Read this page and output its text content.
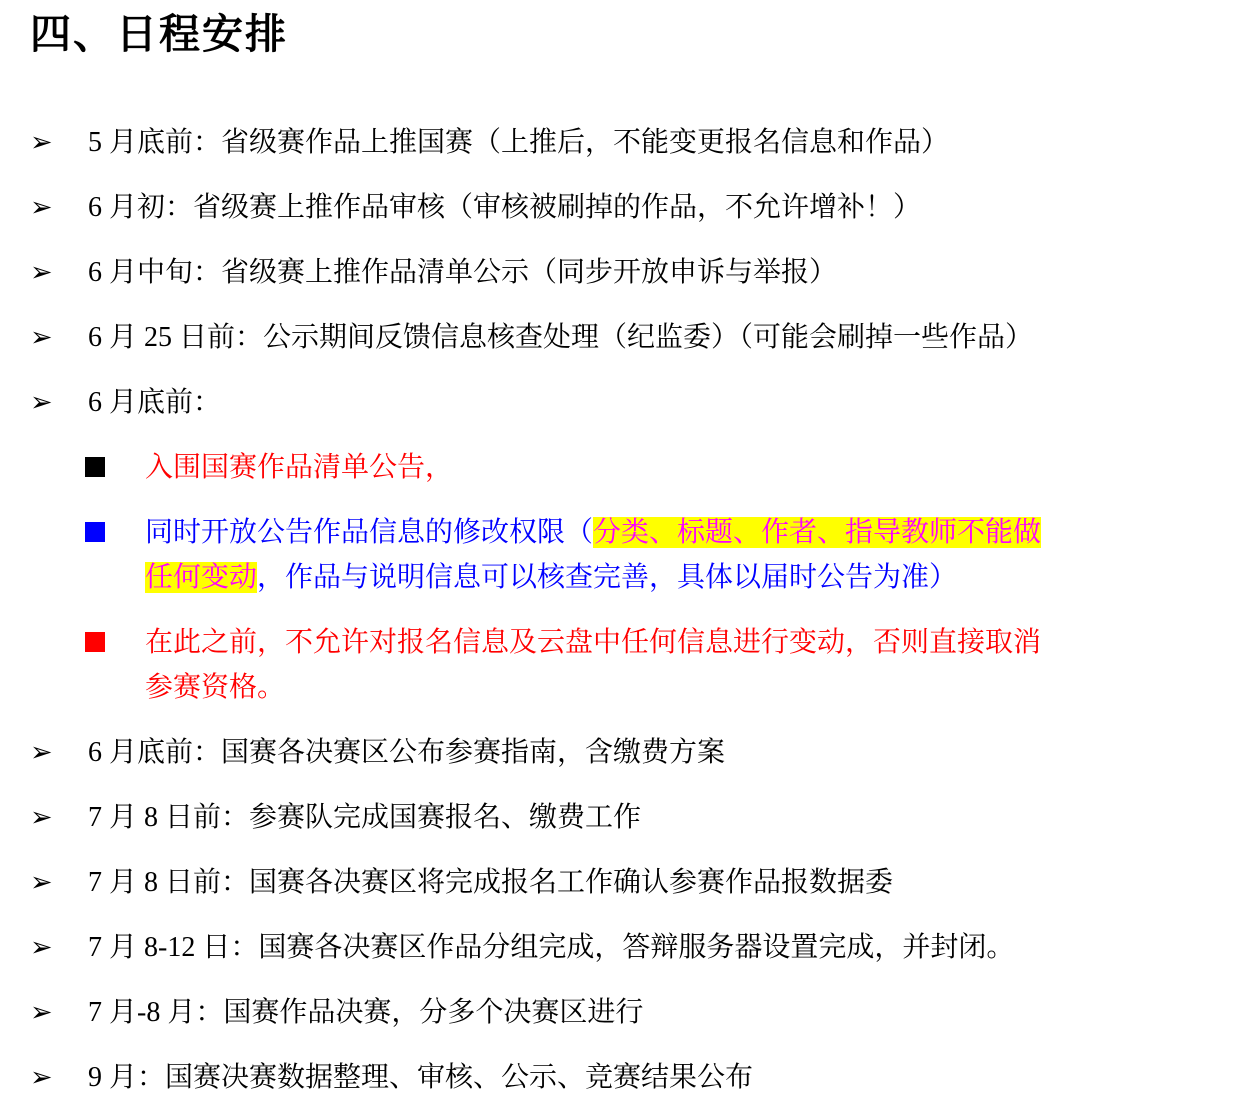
四、日程安排
➢ 5 月底前：省级赛作品上推国赛（上推后，不能变更报名信息和作品）
➢ 6 月初：省级赛上推作品审核（审核被刷掉的作品，不允许增补！）
➢ 6 月中旬：省级赛上推作品清单公示（同步开放申诉与举报）
➢ 6 月 25 日前：公示期间反馈信息核查处理（纪监委）（可能会刷掉一些作品）
➢ 6 月底前：
入围国赛作品清单公告，
同时开放公告作品信息的修改权限（分类、标题、作者、指导教师不能做
任何变动，作品与说明信息可以核查完善，具体以届时公告为准）
在此之前，不允许对报名信息及云盘中任何信息进行变动，否则直接取消
参赛资格。
➢ 6 月底前：国赛各决赛区公布参赛指南，含缴费方案
➢ 7 月 8 日前：参赛队完成国赛报名、缴费工作
➢ 7 月 8 日前：国赛各决赛区将完成报名工作确认参赛作品报数据委
➢ 7 月 8-12 日：国赛各决赛区作品分组完成，答辩服务器设置完成，并封闭。
➢ 7 月-8 月：国赛作品决赛，分多个决赛区进行
➢ 9 月：国赛决赛数据整理、审核、公示、竞赛结果公布
